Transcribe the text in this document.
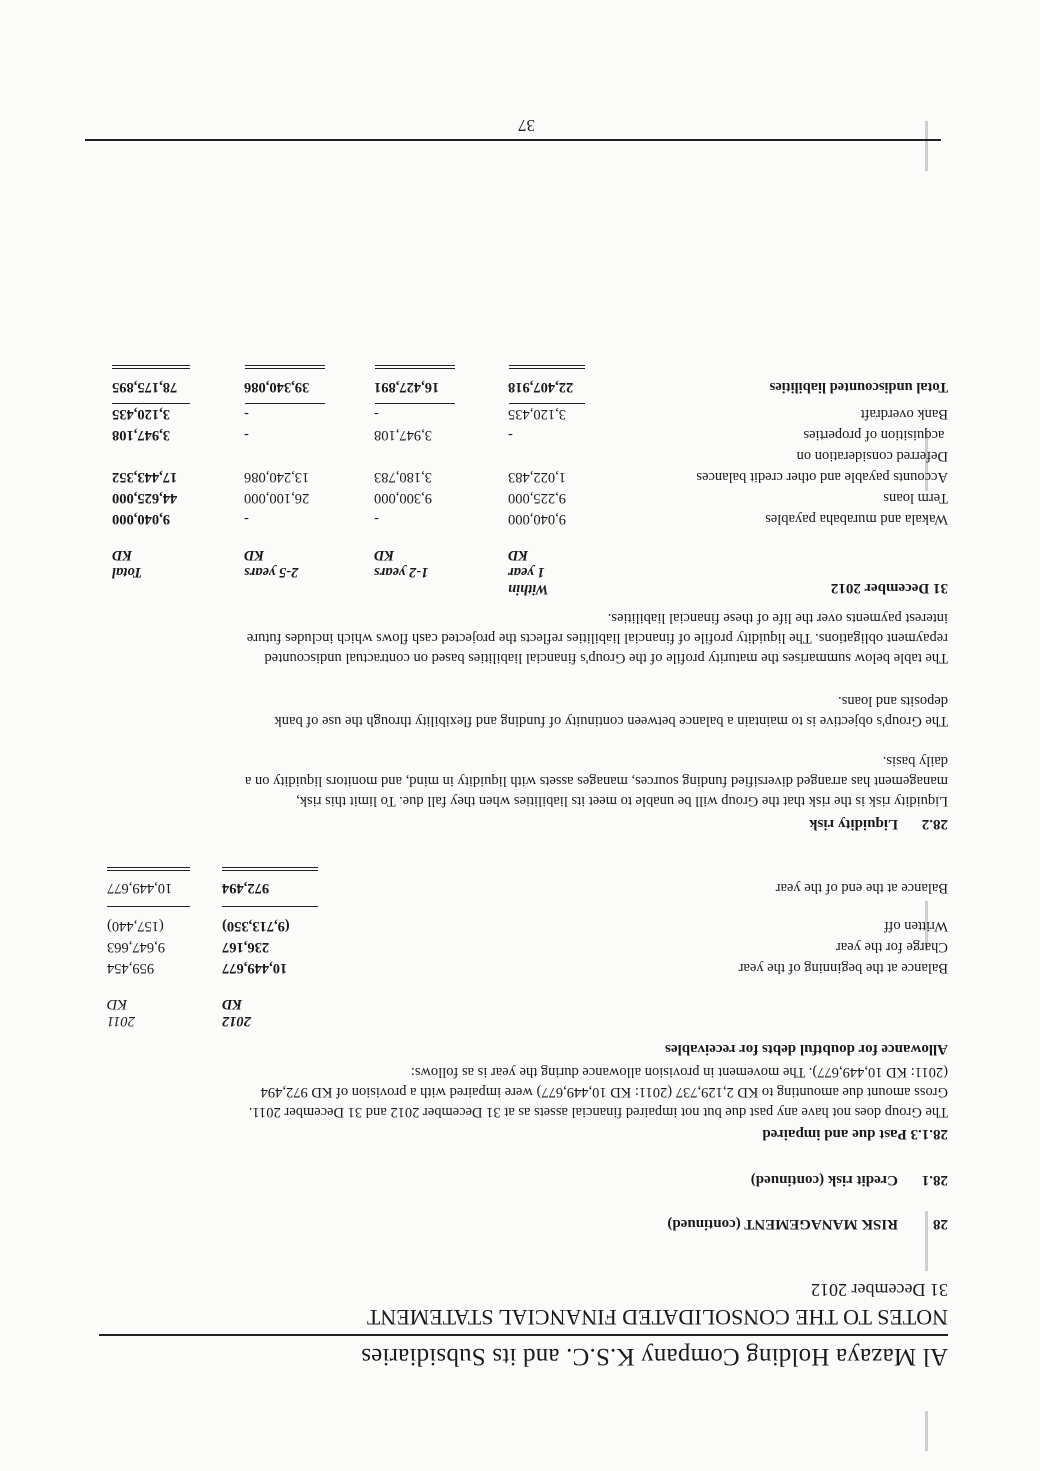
Al Mazaya Holding Company K.S.C. and its Subsidiaries
NOTES TO THE CONSOLIDATED FINANCIAL STATEMENT
31 December 2012
28
RISK MANAGEMENT (continued)
28.1
Credit risk (continued)
28.1.3 Past due and impaired
The Group does not have any past due but not impaired financial assets as at 31 December 2012 and 31 December 2011.
Gross amount due amounting to KD 2,129,737 (2011: KD 10,449,677) were impaired with a provision of KD 972,494
(2011: KD 10,449,677). The movement in provision allowance during the year is as follows:
Allowance for doubtful debts for receivables
2012
KD
2011
KD
Balance at the beginning of the year
10,449,677
959,454
Charge for the year
236,167
9,647,663
Written off
(9,713,350)
(157,440)
Balance at the end of the year
972,494
10,449,677
28.2
Liquidity risk
Liquidity risk is the risk that the Group will be unable to meet its liabilities when they fall due. To limit this risk,
management has arranged diversified funding sources, manages assets with liquidity in mind, and monitors liquidity on a
daily basis.
The Group's objective is to maintain a balance between continuity of funding and flexibility through the use of bank
deposits and loans.
The table below summarises the maturity profile of the Group's financial liabilities based on contractual undiscounted
repayment obligations. The liquidity profile of financial liabilities reflects the projected cash flows which includes future
interest payments over the life of these financial liabilities.
31 December 2012
Within
1 year
KD
1-2 years
KD
2-5 years
KD
Total
KD
Wakala and murabaha payables
9,040,000
-
-
9,040,000
Term loans
9,225,000
9,300,000
26,100,000
44,625,000
Accounts payable and other credit balances
1,022,483
3,180,783
13,240,086
17,443,352
Deferred consideration on
acquisition of properties
-
3,947,108
-
3,947,108
Bank overdraft
3,120,435
-
-
3,120,435
Total undiscounted liabilities
22,407,918
16,427,891
39,340,086
78,175,895
37
